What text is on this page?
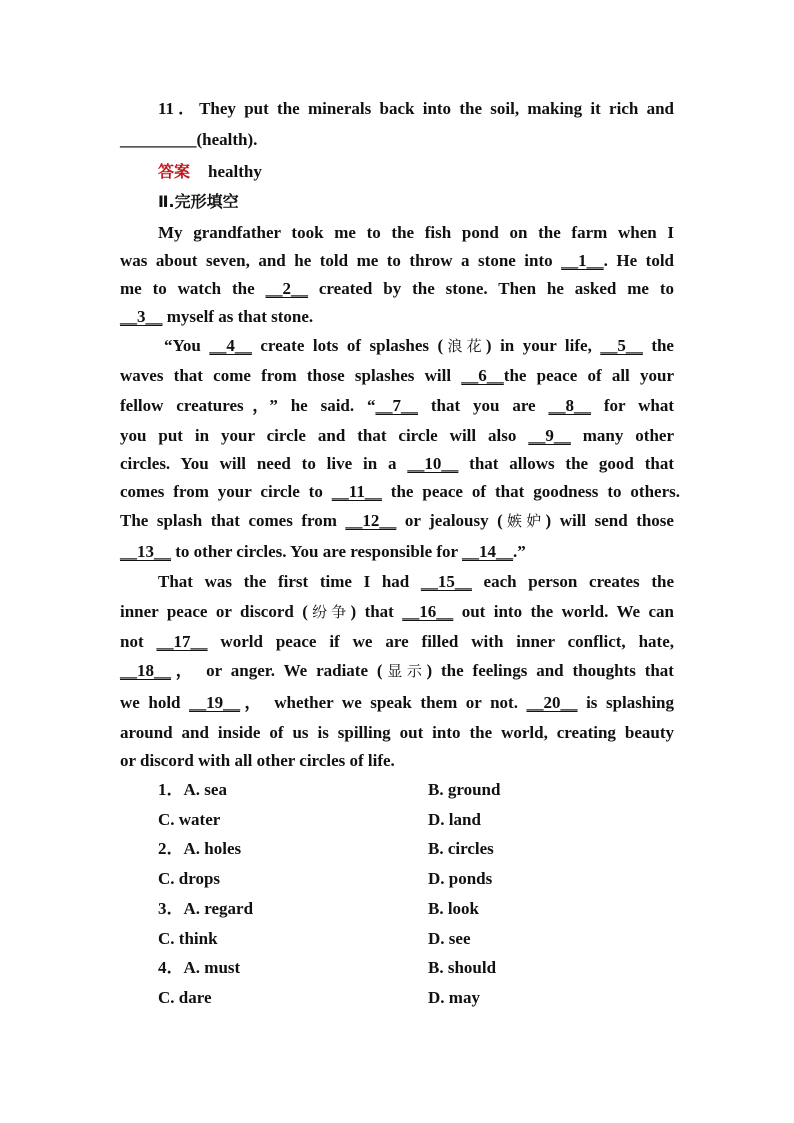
11．They put the minerals back into the soil, making it rich and
_________(health).
答案 healthy
Ⅱ.完形填空
My grandfather took me to the fish pond on the farm when I
was about seven, and he told me to throw a stone into __1__. He told
me to watch the __2__ created by the stone. Then he asked me to
__3__ myself as that stone.
“You __4__ create lots of splashes (浪花) in your life, __5__ the
waves that come from those splashes will __6__the peace of all your
fellow creatures，” he said. “__7__ that you are __8__ for what
you put in your circle and that circle will also __9__ many other
circles. You will need to live in a __10__ that allows the good that
comes from your circle to __11__ the peace of that goodness to others.
The splash that comes from __12__ or jealousy (嫉妒) will send those
__13__ to other circles. You are responsible for __14__.”
That was the first time I had __15__ each person creates the
inner peace or discord (纷争) that __16__ out into the world. We can
not __17__ world peace if we are filled with inner conflict, hate,
__18__， or anger. We radiate (显示) the feelings and thoughts that
we hold __19__， whether we speak them or not. __20__ is splashing
around and inside of us is spilling out into the world, creating beauty
or discord with all other circles of life.
1．A. sea	B. ground
C. water	D. land
2．A. holes	B. circles
C. drops	D. ponds
3．A. regard	B. look
C. think	D. see
4．A. must	B. should
C. dare	D. may
